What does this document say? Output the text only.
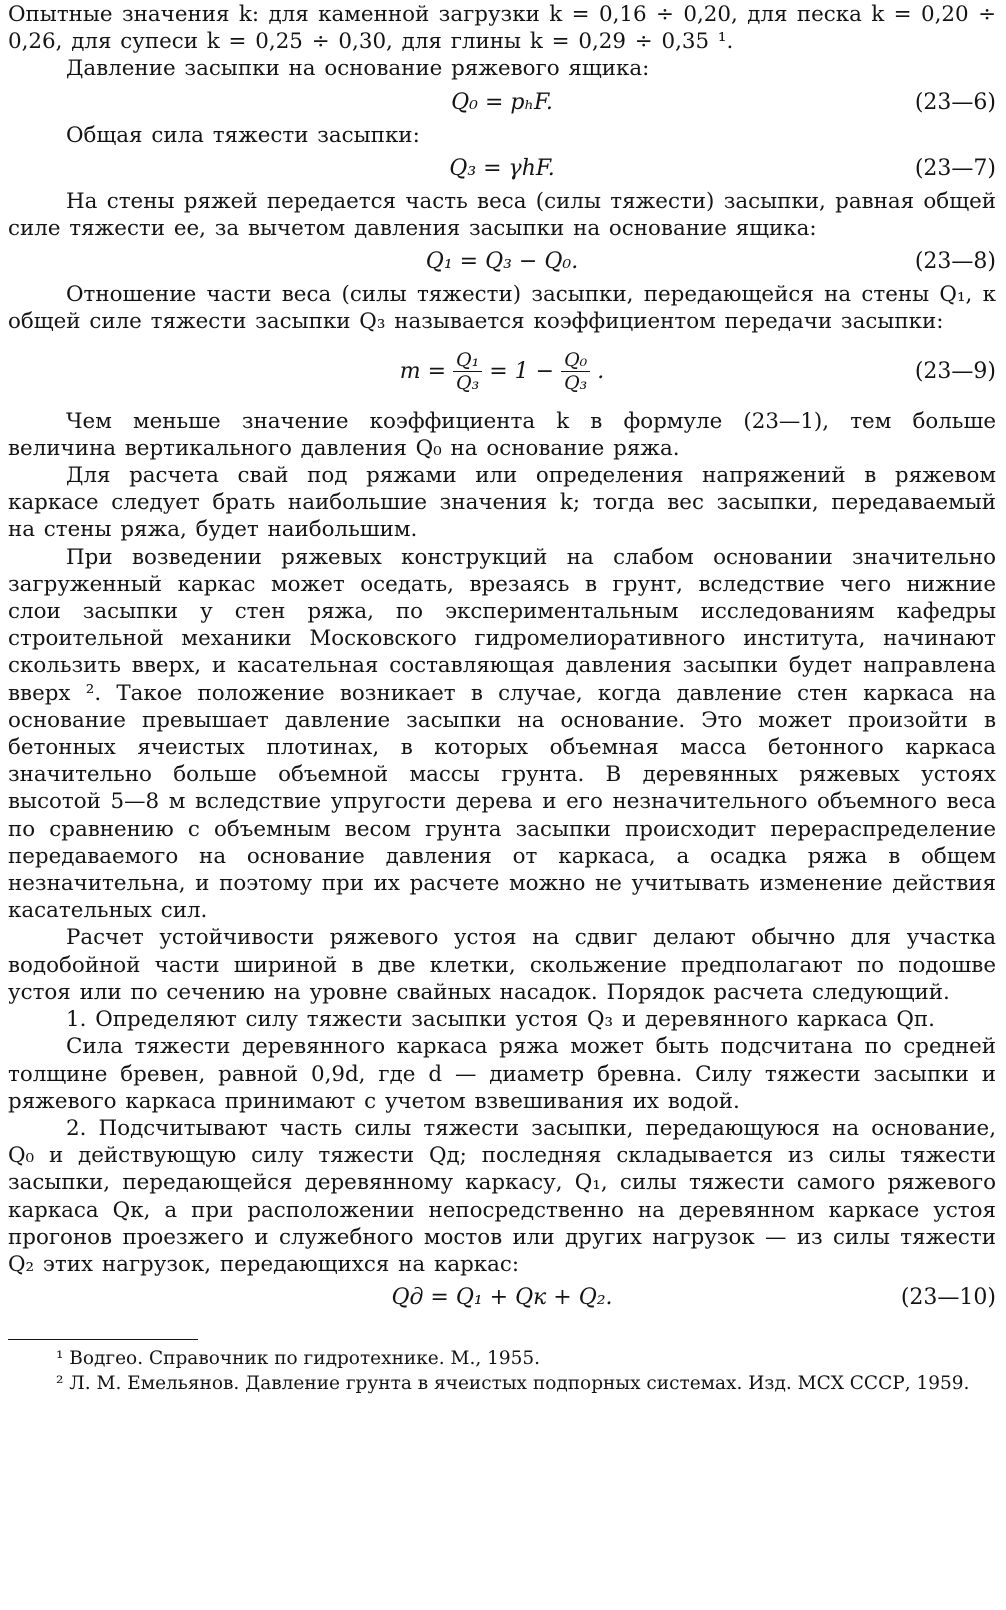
Опытные значения k: для каменной загрузки k = 0,16 ÷ 0,20, для песка k = 0,20 ÷ 0,26, для супеси k = 0,25 ÷ 0,30, для глины k = 0,29 ÷ 0,35 ¹.

Давление засыпки на основание ряжевого ящика:

Q₀ = pₕF.	(23—6)

Общая сила тяжести засыпки:

Q₃ = γhF.	(23—7)

На стены ряжей передается часть веса (силы тяжести) засыпки, равная общей силе тяжести ее, за вычетом давления засыпки на основание ящика:

Q₁ = Q₃ − Q₀.	(23—8)

Отношение части веса (силы тяжести) засыпки, передающейся на стены Q₁, к общей силе тяжести засыпки Q₃ называется коэффициентом передачи засыпки:

$m = \frac{\text{Q₁}}{\text{Q₃}} = 1 - \frac{\text{Q₀}}{\text{Q₃}}$ .	(23—9)

Чем меньше значение коэффициента k в формуле (23—1), тем больше величина вертикального давления Q₀ на основание ряжа.

Для расчета свай под ряжами или определения напряжений в ряжевом каркасе следует брать наибольшие значения k; тогда вес засыпки, передаваемый на стены ряжа, будет наибольшим.

При возведении ряжевых конструкций на слабом основании значительно загруженный каркас может оседать, врезаясь в грунт, вследствие чего нижние слои засыпки у стен ряжа, по экспериментальным исследованиям кафедры строительной механики Московского гидромелиоративного института, начинают скользить вверх, и касательная составляющая давления засыпки будет направлена вверх ². Такое положение возникает в случае, когда давление стен каркаса на основание превышает давление засыпки на основание. Это может произойти в бетонных ячеистых плотинах, в которых объемная масса бетонного каркаса значительно больше объемной массы грунта. В деревянных ряжевых устоях высотой 5—8 м вследствие упругости дерева и его незначительного объемного веса по сравнению с объемным весом грунта засыпки происходит перераспределение передаваемого на основание давления от каркаса, а осадка ряжа в общем незначительна, и поэтому при их расчете можно не учитывать изменение действия касательных сил.

Расчет устойчивости ряжевого устоя на сдвиг делают обычно для участка водобойной части шириной в две клетки, скольжение предполагают по подошве устоя или по сечению на уровне свайных насадок. Порядок расчета следующий.

1. Определяют силу тяжести засыпки устоя Q₃ и деревянного каркаса Qп.

Сила тяжести деревянного каркаса ряжа может быть подсчитана по средней толщине бревен, равной 0,9d, где d — диаметр бревна. Силу тяжести засыпки и ряжевого каркаса принимают с учетом взвешивания их водой.

2. Подсчитывают часть силы тяжести засыпки, передающуюся на основание, Q₀ и действующую силу тяжести Qд; последняя складывается из силы тяжести засыпки, передающейся деревянному каркасу, Q₁, силы тяжести самого ряжевого каркаса Qк, а при расположении непосредственно на деревянном каркасе устоя прогонов проезжего и служебного мостов или других нагрузок — из силы тяжести Q₂ этих нагрузок, передающихся на каркас:

Qд = Q₁ + Qк + Q₂.	(23—10)

¹ Водгео. Справочник по гидротехнике. М., 1955.

² Л. М. Емельянов. Давление грунта в ячеистых подпорных системах. Изд. МСХ СССР, 1959.
